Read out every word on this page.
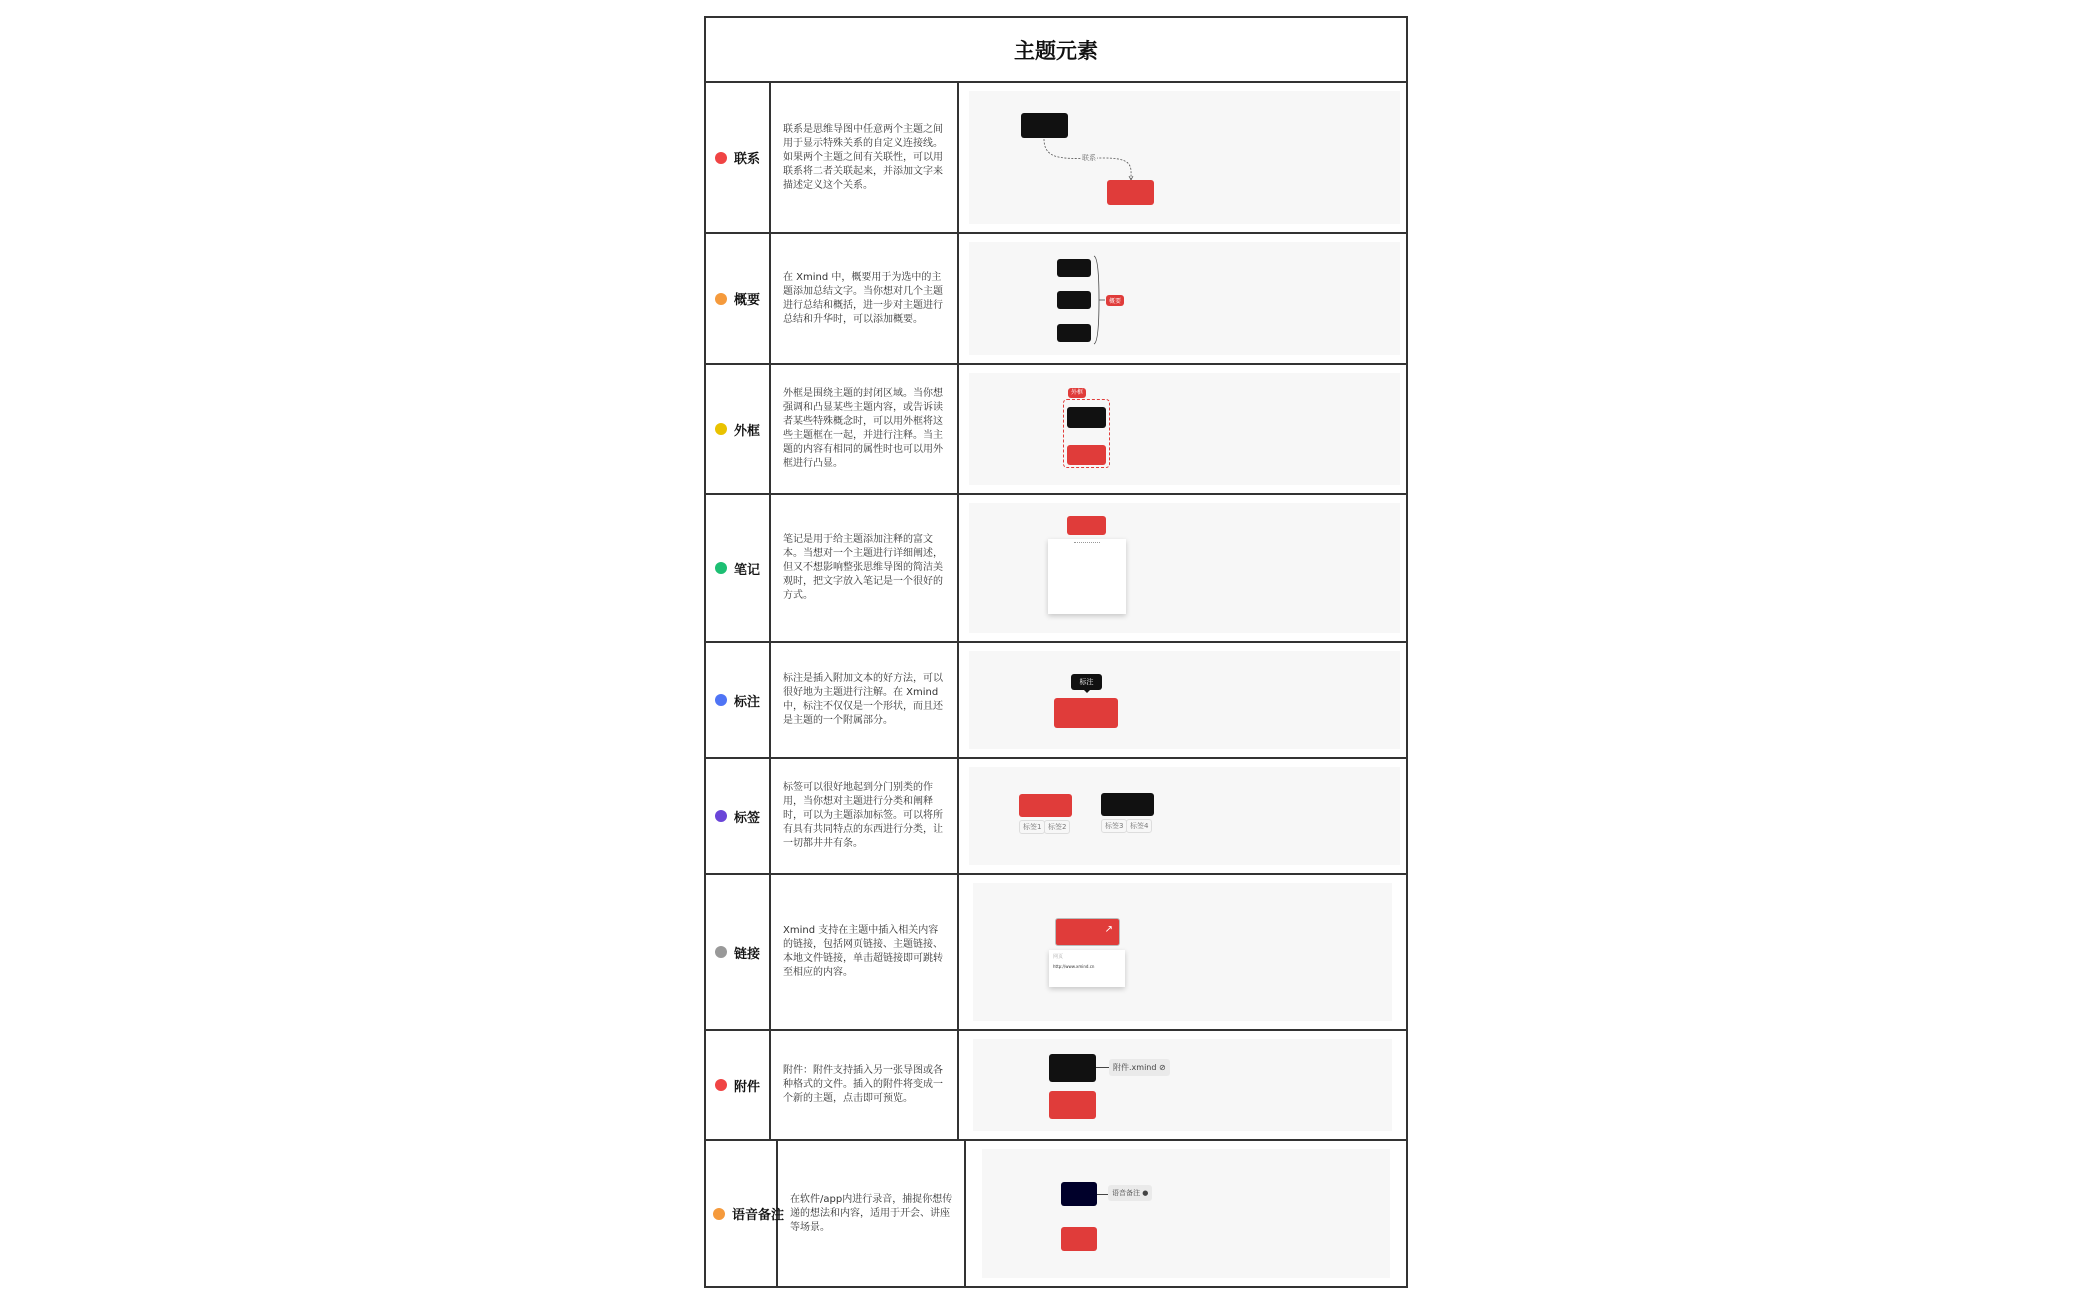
主题元素
联系
联系是思维导图中任意两个主题之间用于显示特殊关系的自定义连接线。如果两个主题之间有关联性，可以用联系将二者关联起来，并添加文字来描述定义这个关系。
联系
概要
在 Xmind 中，概要用于为选中的主题添加总结文字。当你想对几个主题进行总结和概括，进一步对主题进行总结和升华时，可以添加概要。
概要
外框
外框是围绕主题的封闭区域。当你想强调和凸显某些主题内容，或告诉读者某些特殊概念时，可以用外框将这些主题框在一起，并进行注释。当主题的内容有相同的属性时也可以用外框进行凸显。
外框
笔记
笔记是用于给主题添加注释的富文本。当想对一个主题进行详细阐述，但又不想影响整张思维导图的简洁美观时，把文字放入笔记是一个很好的方式。
标注
标注是插入附加文本的好方法，可以很好地为主题进行注解。在 Xmind 中，标注不仅仅是一个形状，而且还是主题的一个附属部分。
标注
标签
标签可以很好地起到分门别类的作用，当你想对主题进行分类和阐释时，可以为主题添加标签。可以将所有具有共同特点的东西进行分类，让一切都井井有条。
标签1 标签2	标签3 标签4
链接
Xmind 支持在主题中插入相关内容的链接，包括网页链接、主题链接、本地文件链接，单击超链接即可跳转至相应的内容。
↗
网页
http://www.xmind.cn
附件
附件：附件支持插入另一张导图或各种格式的文件。插入的附件将变成一个新的主题，点击即可预览。
附件.xmind ⊘
语音备注
在软件/app内进行录音，捕捉你想传递的想法和内容，适用于开会、讲座等场景。
语音备注 ●
